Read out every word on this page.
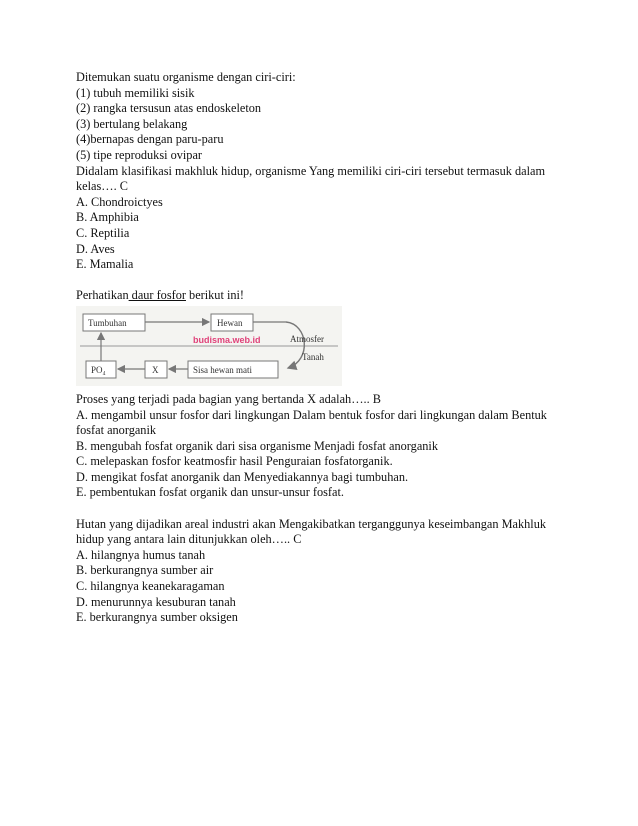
Ditemukan suatu organisme dengan ciri-ciri:
(1) tubuh memiliki sisik
(2) rangka tersusun atas endoskeleton
(3) bertulang belakang
(4)bernapas dengan paru-paru
(5) tipe reproduksi ovipar
Didalam klasifikasi makhluk hidup, organisme Yang memiliki ciri-ciri tersebut termasuk dalam
kelas…. C
A. Chondroictyes
B. Amphibia
C. Reptilia
D. Aves
E. Mamalia
Perhatikan daur fosfor berikut ini!
Tumbuhan	Hewan
Atmosfer
Tanah
PO₄	X	Sisa hewan mati
budisma.web.id
Proses yang terjadi pada bagian yang bertanda X adalah….. B
A. mengambil unsur fosfor dari lingkungan Dalam bentuk fosfor dari lingkungan dalam Bentuk fosfat anorganik
B. mengubah fosfat organik dari sisa organisme Menjadi fosfat anorganik
C. melepaskan fosfor keatmosfir hasil Penguraian fosfatorganik.
D. mengikat fosfat anorganik dan Menyediakannya bagi tumbuhan.
E. pembentukan fosfat organik dan unsur-unsur fosfat.
Hutan yang dijadikan areal industri akan Mengakibatkan terganggunya keseimbangan Makhluk
hidup yang antara lain ditunjukkan oleh….. C
A. hilangnya humus tanah
B. berkurangnya sumber air
C. hilangnya keanekaragaman
D. menurunnya kesuburan tanah
E. berkurangnya sumber oksigen
